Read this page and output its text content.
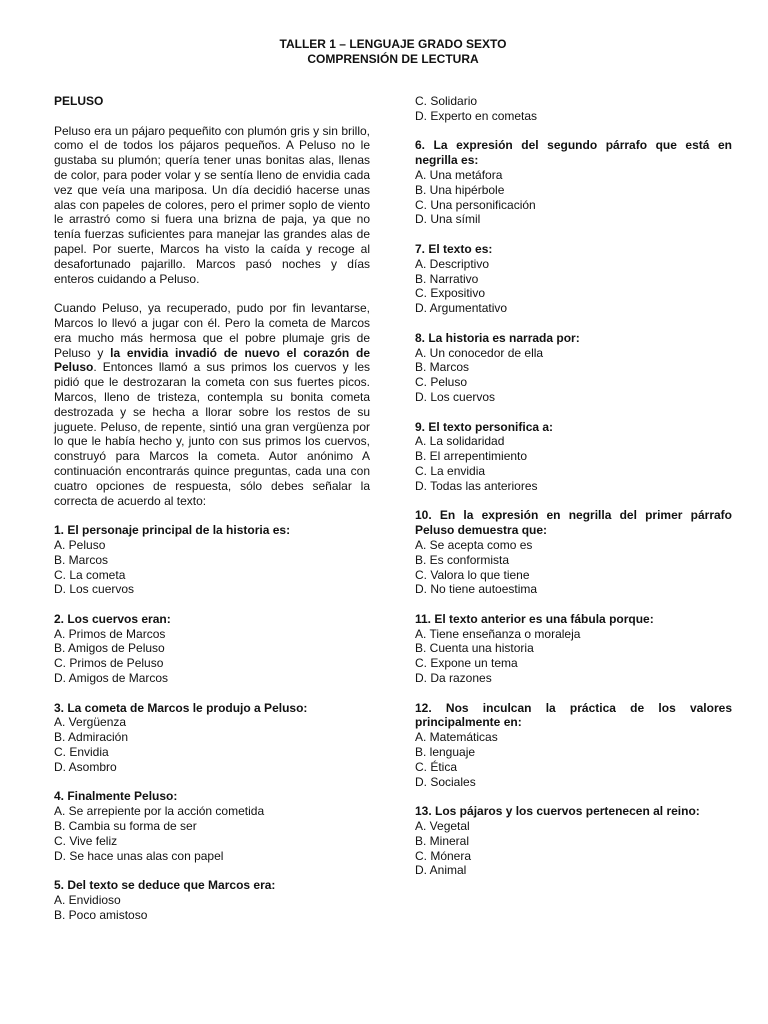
TALLER 1 – LENGUAJE GRADO SEXTO
COMPRENSIÓN DE LECTURA

PELUSO

Peluso era un pájaro pequeñito con plumón gris y sin brillo, como el de todos los pájaros pequeños. A Peluso no le gustaba su plumón; quería tener unas bonitas alas, llenas de color, para poder volar y se sentía lleno de envidia cada vez que veía una mariposa. Un día decidió hacerse unas alas con papeles de colores, pero el primer soplo de viento le arrastró como si fuera una brizna de paja, ya que no tenía fuerzas suficientes para manejar las grandes alas de papel. Por suerte, Marcos ha visto la caída y recoge al desafortunado pajarillo. Marcos pasó noches y días enteros cuidando a Peluso.

Cuando Peluso, ya recuperado, pudo por fin levantarse, Marcos lo llevó a jugar con él. Pero la cometa de Marcos era mucho más hermosa que el pobre plumaje gris de Peluso y la envidia invadió de nuevo el corazón de Peluso. Entonces llamó a sus primos los cuervos y les pidió que le destrozaran la cometa con sus fuertes picos. Marcos, lleno de tristeza, contempla su bonita cometa destrozada y se hecha a llorar sobre los restos de su juguete. Peluso, de repente, sintió una gran vergüenza por lo que le había hecho y, junto con sus primos los cuervos, construyó para Marcos la cometa. Autor anónimo A continuación encontrarás quince preguntas, cada una con cuatro opciones de respuesta, sólo debes señalar la correcta de acuerdo al texto:

1. El personaje principal de la historia es:

A. Peluso
B. Marcos
C. La cometa
D. Los cuervos

2. Los cuervos eran:

A. Primos de Marcos
B. Amigos de Peluso
C. Primos de Peluso
D. Amigos de Marcos

3. La cometa de Marcos le produjo a Peluso:

A. Vergüenza
B. Admiración
C. Envidia
D. Asombro

4. Finalmente Peluso:

A. Se arrepiente por la acción cometida
B. Cambia su forma de ser
C. Vive feliz
D. Se hace unas alas con papel

5. Del texto se deduce que Marcos era:

A. Envidioso
B. Poco amistoso
C. Solidario
D. Experto en cometas

6. La expresión del segundo párrafo que está en negrilla es:

A. Una metáfora
B. Una hipérbole
C. Una personificación
D. Una símil

7. El texto es:

A. Descriptivo
B. Narrativo
C. Expositivo
D. Argumentativo

8. La historia es narrada por:

A. Un conocedor de ella
B. Marcos
C. Peluso
D. Los cuervos

9. El texto personifica a:

A. La solidaridad
B. El arrepentimiento
C. La envidia
D. Todas las anteriores

10. En la expresión en negrilla del primer párrafo Peluso demuestra que:

A. Se acepta como es
B. Es conformista
C. Valora lo que tiene
D. No tiene autoestima

11. El texto anterior es una fábula porque:

A. Tiene enseñanza o moraleja
B. Cuenta una historia
C. Expone un tema
D. Da razones

12. Nos inculcan la práctica de los valores principalmente en:

A. Matemáticas
B. lenguaje
C. Ética
D. Sociales

13. Los pájaros y los cuervos pertenecen al reino:

A. Vegetal
B. Mineral
C. Mónera
D. Animal
